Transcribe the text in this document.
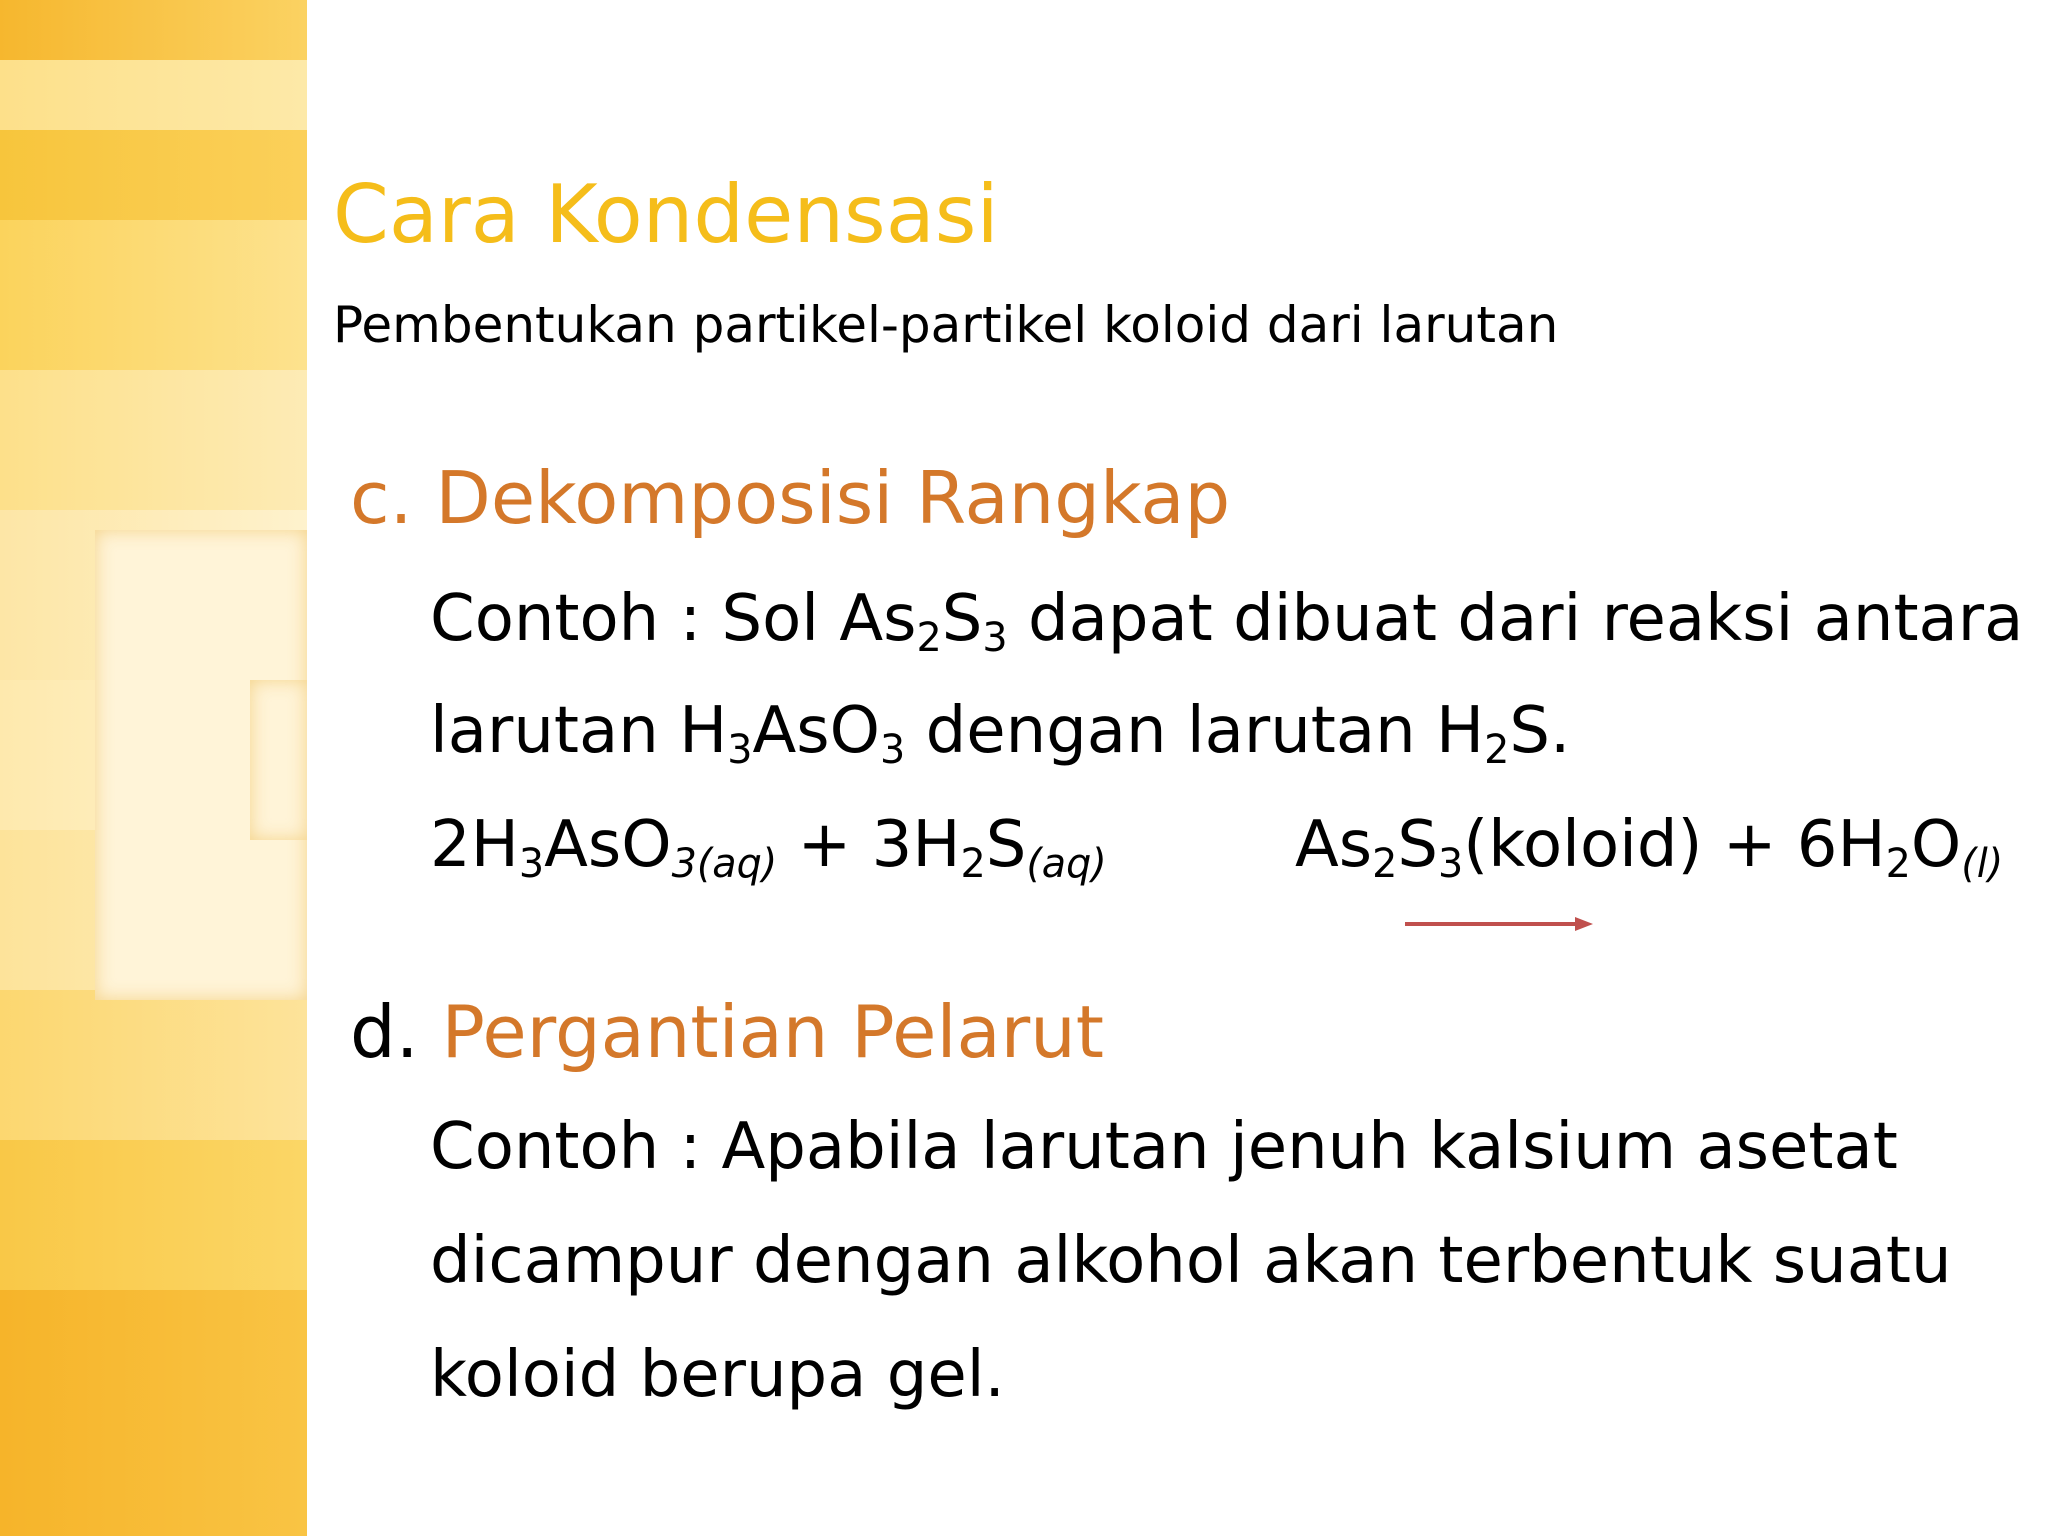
Cara Kondensasi
Pembentukan partikel-partikel koloid dari larutan
c. Dekomposisi Rangkap
Contoh : Sol $As_2S_3$ dapat dibuat dari reaksi antara
larutan $H_3AsO_3$ dengan larutan $H_2S$.
$2H_3AsO_{3(aq)} + 3H_2S_{(aq)}$	$As_2S_3(koloid) + 6H_2O_{(l)}$
d. Pergantian Pelarut
Contoh : Apabila larutan jenuh kalsium asetat
dicampur dengan alkohol akan terbentuk suatu
koloid berupa gel.
